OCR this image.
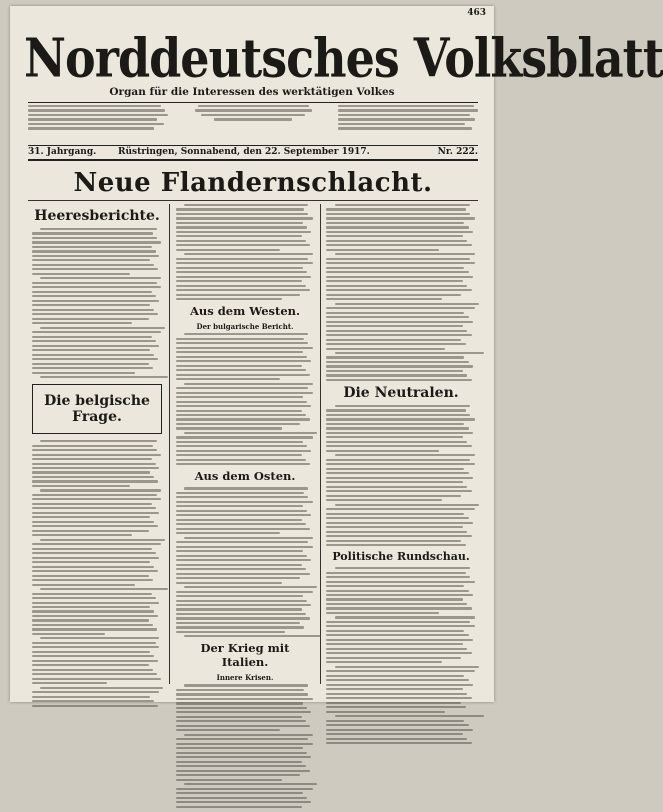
463
Norddeutsches Volksblatt
Organ für die Interessen des werktätigen Volkes
31. Jahrgang. Rüstringen, Sonnabend, den 22. September 1917.	Nr. 222.
Neue Flandernschlacht.
Heeresberichte.
Die belgische Frage.
Aus dem Westen.
Der bulgarische Bericht.
Aus dem Osten.
Der Krieg mit Italien.
Innere Krisen.
Die Neutralen.
Politische Rundschau.
